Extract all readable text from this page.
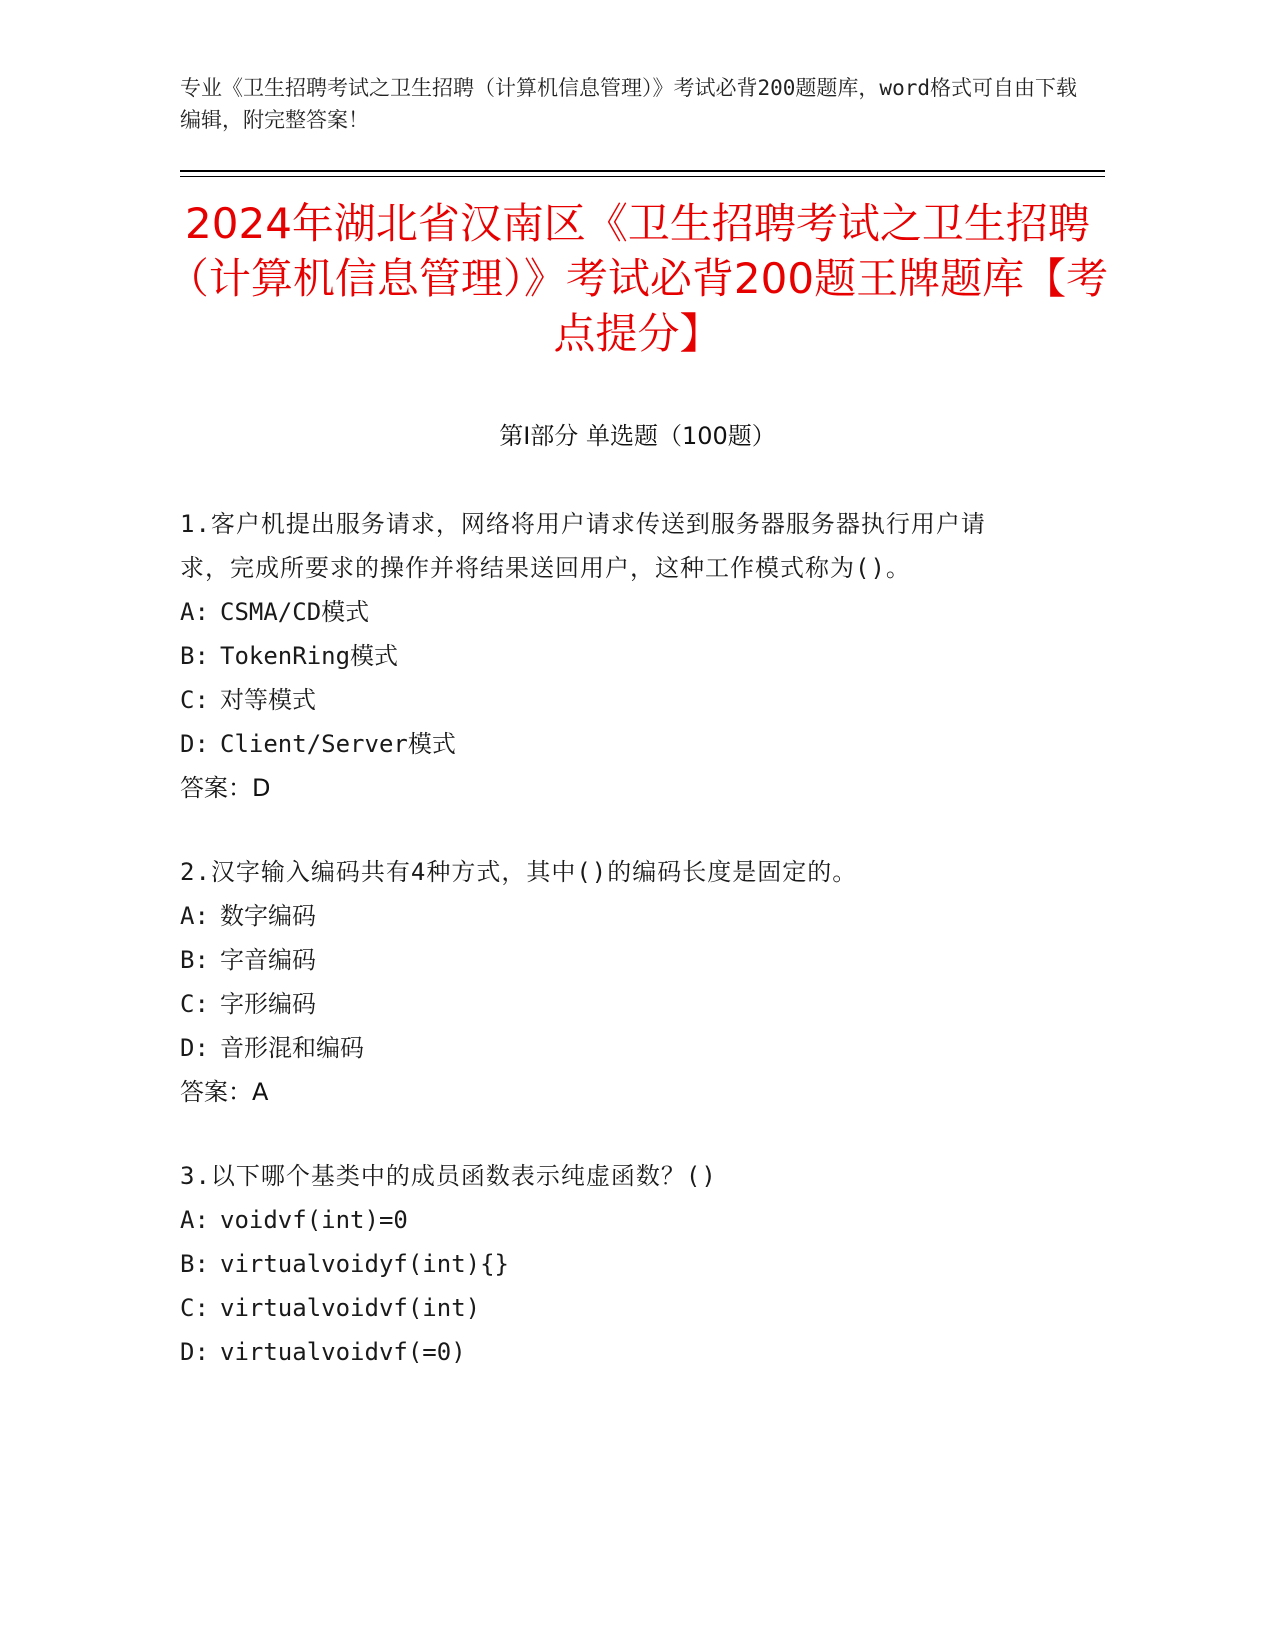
专业《卫生招聘考试之卫生招聘（计算机信息管理）》考试必背200题题库，word格式可自由下载编辑，附完整答案！
2024年湖北省汉南区《卫生招聘考试之卫生招聘（计算机信息管理）》考试必背200题王牌题库【考点提分】
第Ⅰ部分 单选题（100题）
1.客户机提出服务请求，网络将用户请求传送到服务器服务器执行用户请求，完成所要求的操作并将结果送回用户，这种工作模式称为()。
A: CSMA/CD模式
B: TokenRing模式
C: 对等模式
D: Client/Server模式
答案：D
2.汉字输入编码共有4种方式，其中()的编码长度是固定的。
A: 数字编码
B: 字音编码
C: 字形编码
D: 音形混和编码
答案：A
3.以下哪个基类中的成员函数表示纯虚函数？()
A: voidvf(int)=0
B: virtualvoidyf(int){}
C: virtualvoidvf(int)
D: virtualvoidvf(=0)
